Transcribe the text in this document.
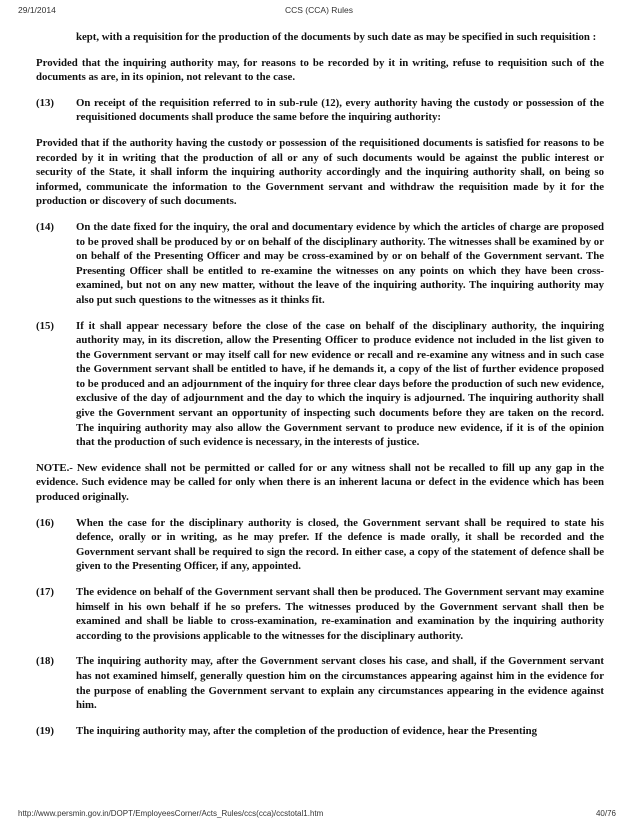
29/1/2014	CCS (CCA) Rules

kept, with a requisition for the production of the documents by such date as may be specified in such requisition :

Provided that the inquiring authority may, for reasons to be recorded by it in writing, refuse to requisition such of the documents as are, in its opinion, not relevant to the case.

(13)	On receipt of the requisition referred to in sub-rule (12), every authority having the custody or possession of the requisitioned documents shall produce the same before the inquiring authority:

Provided that if the authority having the custody or possession of the requisitioned documents is satisfied for reasons to be recorded by it in writing that the production of all or any of such documents would be against the public interest or security of the State, it shall inform the inquiring authority accordingly and the inquiring authority shall, on being so informed, communicate the information to the Government servant and withdraw the requisition made by it for the production or discovery of such documents.

(14)	On the date fixed for the inquiry, the oral and documentary evidence by which the articles of charge are proposed to be proved shall be produced by or on behalf of the disciplinary authority. The witnesses shall be examined by or on behalf of the Presenting Officer and may be cross-examined by or on behalf of the Government servant. The Presenting Officer shall be entitled to re-examine the witnesses on any points on which they have been cross-examined, but not on any new matter, without the leave of the inquiring authority. The inquiring authority may also put such questions to the witnesses as it thinks fit.
(15)	If it shall appear necessary before the close of the case on behalf of the disciplinary authority, the inquiring authority may, in its discretion, allow the Presenting Officer to produce evidence not included in the list given to the Government servant or may itself call for new evidence or recall and re-examine any witness and in such case the Government servant shall be entitled to have, if he demands it, a copy of the list of further evidence proposed to be produced and an adjournment of the inquiry for three clear days before the production of such new evidence, exclusive of the day of adjournment and the day to which the inquiry is adjourned. The inquiring authority shall give the Government servant an opportunity of inspecting such documents before they are taken on the record. The inquiring authority may also allow the Government servant to produce new evidence, if it is of the opinion that the production of such evidence is necessary, in the interests of justice.

NOTE.- New evidence shall not be permitted or called for or any witness shall not be recalled to fill up any gap in the evidence. Such evidence may be called for only when there is an inherent lacuna or defect in the evidence which has been produced originally.

(16)	When the case for the disciplinary authority is closed, the Government servant shall be required to state his defence, orally or in writing, as he may prefer. If the defence is made orally, it shall be recorded and the Government servant shall be required to sign the record. In either case, a copy of the statement of defence shall be given to the Presenting Officer, if any, appointed.
(17)	The evidence on behalf of the Government servant shall then be produced. The Government servant may examine himself in his own behalf if he so prefers. The witnesses produced by the Government servant shall then be examined and shall be liable to cross-examination, re-examination and examination by the inquiring authority according to the provisions applicable to the witnesses for the disciplinary authority.
(18)	The inquiring authority may, after the Government servant closes his case, and shall, if the Government servant has not examined himself, generally question him on the circumstances appearing against him in the evidence for the purpose of enabling the Government servant to explain any circumstances appearing in the evidence against him.
(19)	The inquiring authority may, after the completion of the production of evidence, hear the Presenting
http://www.persmin.gov.in/DOPT/EmployeesCorner/Acts_Rules/ccs(cca)/ccstotal1.htm	40/76
